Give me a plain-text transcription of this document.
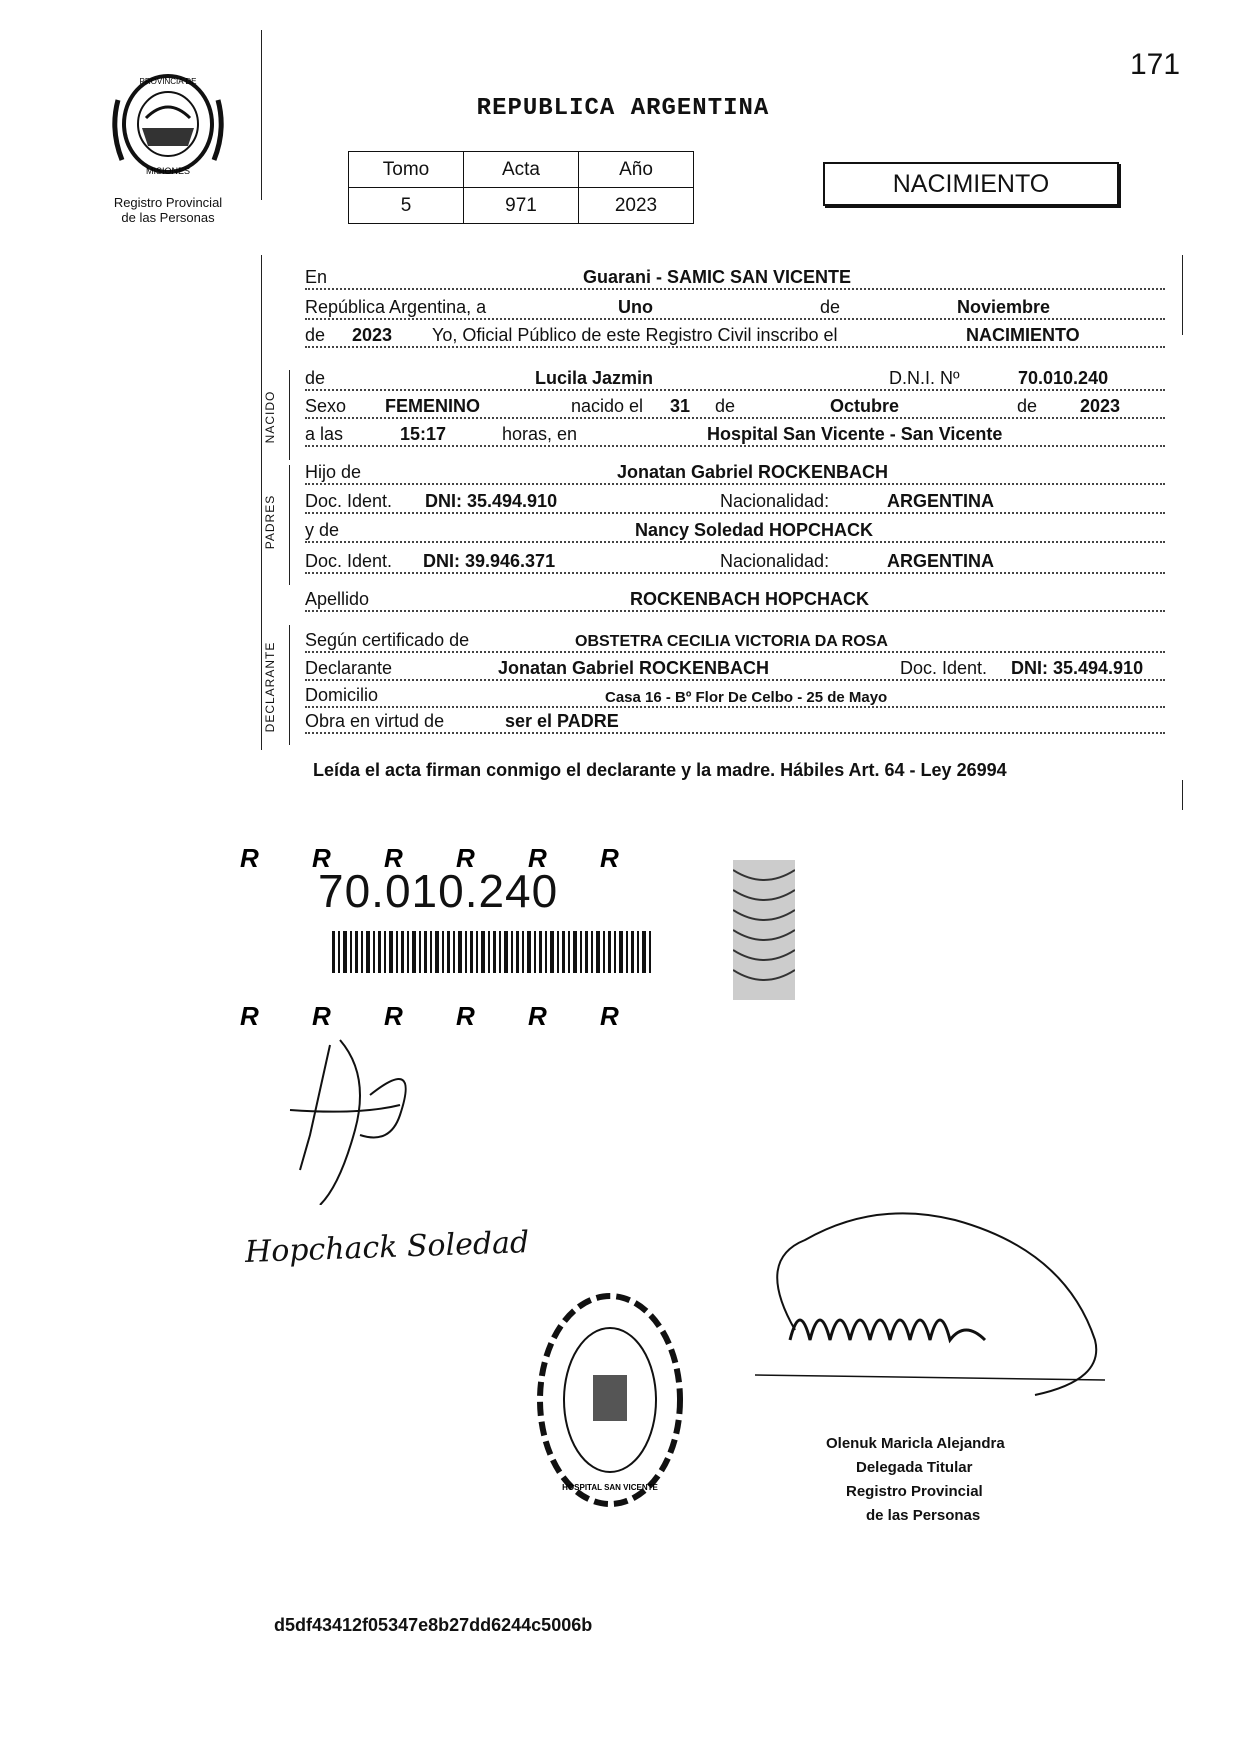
PROVINCIA DE
MISIONES
Registro Provincial
de las Personas
171
REPUBLICA ARGENTINA
Tomo	Acta	Año
5	971	2023
NACIMIENTO
NACIDO
PADRES
DECLARANTE
En	Guarani - SAMIC SAN VICENTE
República Argentina, a	Uno	de	Noviembre
de 2023 Yo, Oficial Público de este Registro Civil inscribo el	NACIMIENTO
de	Lucila Jazmin	D.N.I. Nº	70.010.240
Sexo FEMENINO	nacido el 31 de	Octubre	de 2023
a las	15:17	horas, en	Hospital San Vicente - San Vicente
Hijo de	Jonatan Gabriel ROCKENBACH
Doc. Ident. DNI: 35.494.910	Nacionalidad:	ARGENTINA
y de	Nancy Soledad HOPCHACK
Doc. Ident. DNI: 39.946.371	Nacionalidad:	ARGENTINA
Apellido	ROCKENBACH HOPCHACK
Según certificado de	OBSTETRA CECILIA VICTORIA DA ROSA
Declarante	Jonatan Gabriel ROCKENBACH	Doc. Ident. DNI: 35.494.910
Domicilio	Casa 16 - Bº Flor De Celbo - 25 de Mayo
Obra en virtud de	ser el PADRE
Leída el acta firman conmigo el declarante y la madre. Hábiles Art. 64 - Ley 26994
R R R R R R
R R R R R R
70.010.240
Hopchack Soledad
HOSPITAL SAN VICENTE
Olenuk Maricla Alejandra
Delegada Titular
Registro Provincial
de las Personas
d5df43412f05347e8b27dd6244c5006b
